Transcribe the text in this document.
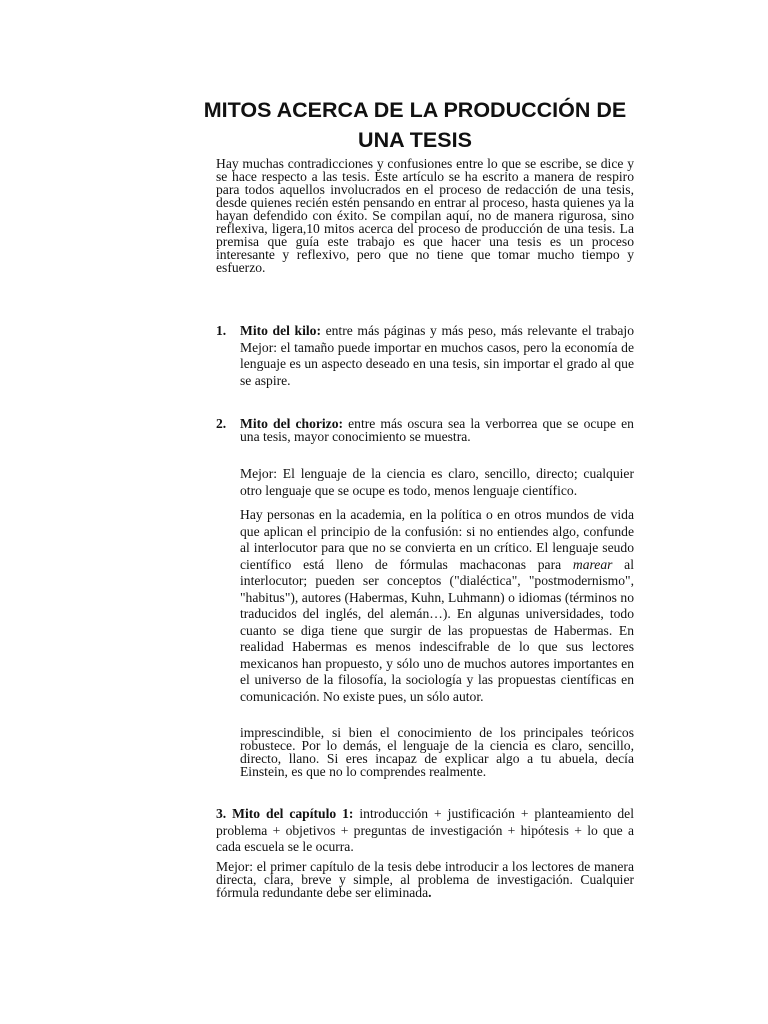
MITOS ACERCA DE LA PRODUCCIÓN DE UNA TESIS

Hay muchas contradicciones y confusiones entre lo que se escribe, se dice y se hace respecto a las tesis. Este artículo se ha escrito a manera de respiro para todos aquellos involucrados en el proceso de redacción de una tesis, desde quienes recién estén pensando en entrar al proceso, hasta quienes ya la hayan defendido con éxito. Se compilan aquí, no de manera rigurosa, sino reflexiva, ligera,10 mitos acerca del proceso de producción de una tesis. La premisa que guía este trabajo es que hacer una tesis es un proceso interesante y reflexivo, pero que no tiene que tomar mucho tiempo y esfuerzo.

1. Mito del kilo: entre más páginas y más peso, más relevante el trabajo Mejor: el tamaño puede importar en muchos casos, pero la economía de lenguaje es un aspecto deseado en una tesis, sin importar el grado al que se aspire.

2. Mito del chorizo: entre más oscura sea la verborrea que se ocupe en una tesis, mayor conocimiento se muestra.

Mejor: El lenguaje de la ciencia es claro, sencillo, directo; cualquier otro lenguaje que se ocupe es todo, menos lenguaje científico.

Hay personas en la academia, en la política o en otros mundos de vida que aplican el principio de la confusión: si no entiendes algo, confunde al interlocutor para que no se convierta en un crítico. El lenguaje seudo científico está lleno de fórmulas machaconas para marear al interlocutor; pueden ser conceptos ("dialéctica", "postmodernismo", "habitus"), autores (Habermas, Kuhn, Luhmann) o idiomas (términos no traducidos del inglés, del alemán…). En algunas universidades, todo cuanto se diga tiene que surgir de las propuestas de Habermas. En realidad Habermas es menos indescifrable de lo que sus lectores mexicanos han propuesto, y sólo uno de muchos autores importantes en el universo de la filosofía, la sociología y las propuestas científicas en comunicación. No existe pues, un sólo autor.

imprescindible, si bien el conocimiento de los principales teóricos robustece. Por lo demás, el lenguaje de la ciencia es claro, sencillo, directo, llano. Si eres incapaz de explicar algo a tu abuela, decía Einstein, es que no lo comprendes realmente.

3. Mito del capítulo 1: introducción + justificación + planteamiento del problema + objetivos + preguntas de investigación + hipótesis + lo que a cada escuela se le ocurra.

Mejor: el primer capítulo de la tesis debe introducir a los lectores de manera directa, clara, breve y simple, al problema de investigación. Cualquier fórmula redundante debe ser eliminada.
